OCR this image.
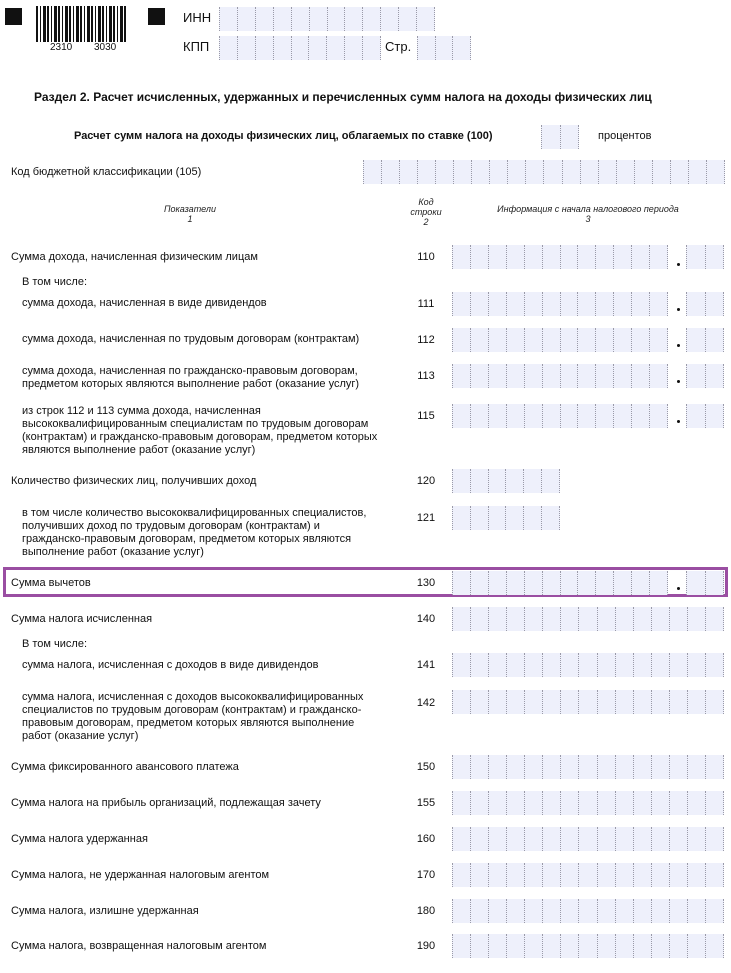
2310 3030
ИНН
КПП	Стр.
Раздел 2. Расчет исчисленных, удержанных и перечисленных сумм налога на доходы физических лиц
Расчет сумм налога на доходы физических лиц, облагаемых по ставке (100)	процентов
Код бюджетной классификации (105)
Показатели
1
Код
строки
2
Информация с начала налогового периода
3
Сумма дохода, начисленная физическим лицам	110
В том числе:
сумма дохода, начисленная в виде дивидендов	111
сумма дохода, начисленная по трудовым договорам (контрактам)	112
сумма дохода, начисленная по гражданско-правовым договорам,
предметом которых являются выполнение работ (оказание услуг)
113
из строк 112 и 113 сумма дохода, начисленная
высококвалифицированным специалистам по трудовым договорам
(контрактам) и гражданско-правовым договорам, предметом которых
являются выполнение работ (оказание услуг)
115
Количество физических лиц, получивших доход	120
в том числе количество высококвалифицированных специалистов,
получивших доход по трудовым договорам (контрактам) и
гражданско-правовым договорам, предметом которых являются
выполнение работ (оказание услуг)
121
Сумма вычетов	130
Сумма налога исчисленная	140
В том числе:
сумма налога, исчисленная с доходов в виде дивидендов	141
сумма налога, исчисленная с доходов высококвалифицированных
специалистов по трудовым договорам (контрактам) и гражданско-
правовым договорам, предметом которых являются выполнение
работ (оказание услуг)
142
Сумма фиксированного авансового платежа	150
Сумма налога на прибыль организаций, подлежащая зачету	155
Сумма налога удержанная	160
Сумма налога, не удержанная налоговым агентом	170
Сумма налога, излишне удержанная	180
Сумма налога, возвращенная налоговым агентом	190
